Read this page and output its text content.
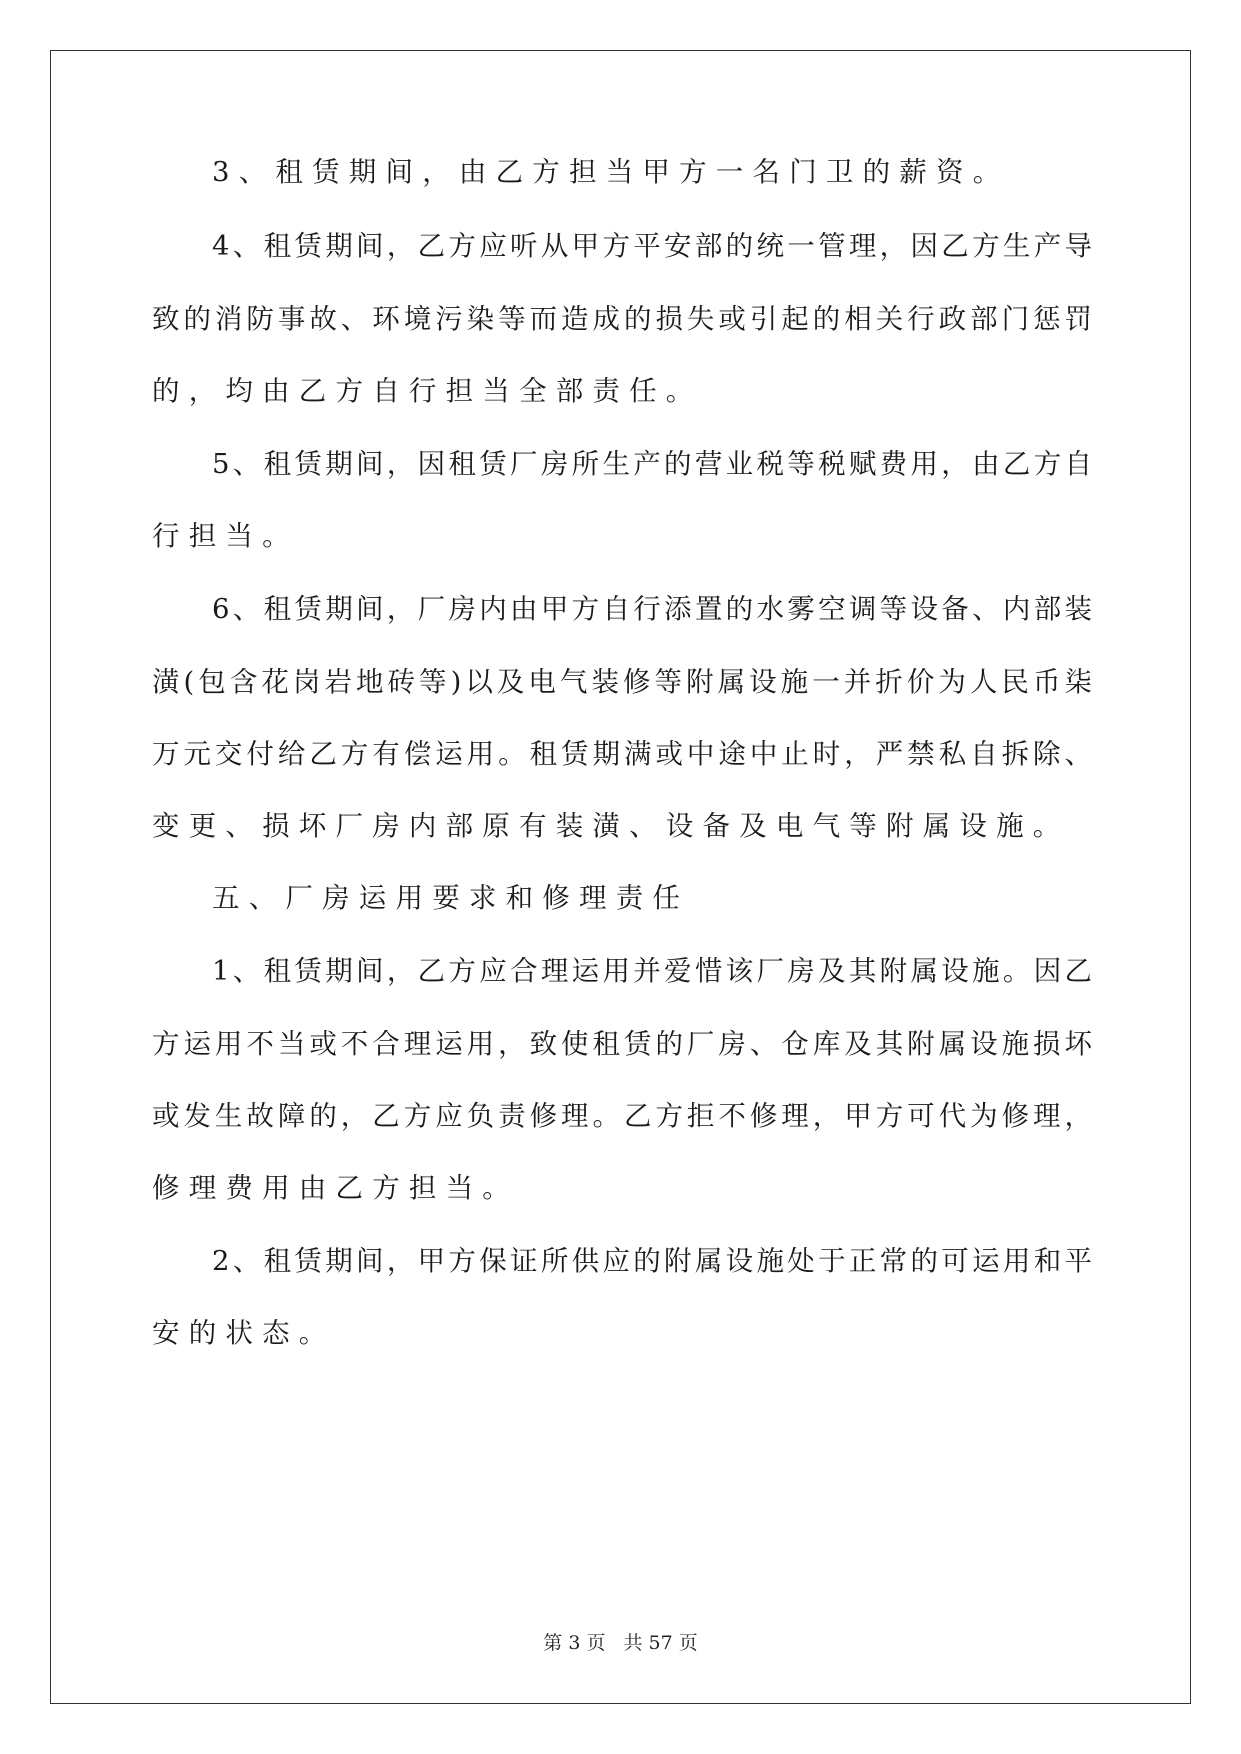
3、租赁期间，由乙方担当甲方一名门卫的薪资。
4、租赁期间，乙方应听从甲方平安部的统一管理，因乙方生产导
致的消防事故、环境污染等而造成的损失或引起的相关行政部门惩罚
的，均由乙方自行担当全部责任。
5、租赁期间，因租赁厂房所生产的营业税等税赋费用，由乙方自
行担当。
6、租赁期间，厂房内由甲方自行添置的水雾空调等设备、内部装
潢(包含花岗岩地砖等)以及电气装修等附属设施一并折价为人民币柒
万元交付给乙方有偿运用。租赁期满或中途中止时，严禁私自拆除、
变更、损坏厂房内部原有装潢、设备及电气等附属设施。
五、厂房运用要求和修理责任
1、租赁期间，乙方应合理运用并爱惜该厂房及其附属设施。因乙
方运用不当或不合理运用，致使租赁的厂房、仓库及其附属设施损坏
或发生故障的，乙方应负责修理。乙方拒不修理，甲方可代为修理，
修理费用由乙方担当。
2、租赁期间，甲方保证所供应的附属设施处于正常的可运用和平
安的状态。
第 3 页 共 57 页
